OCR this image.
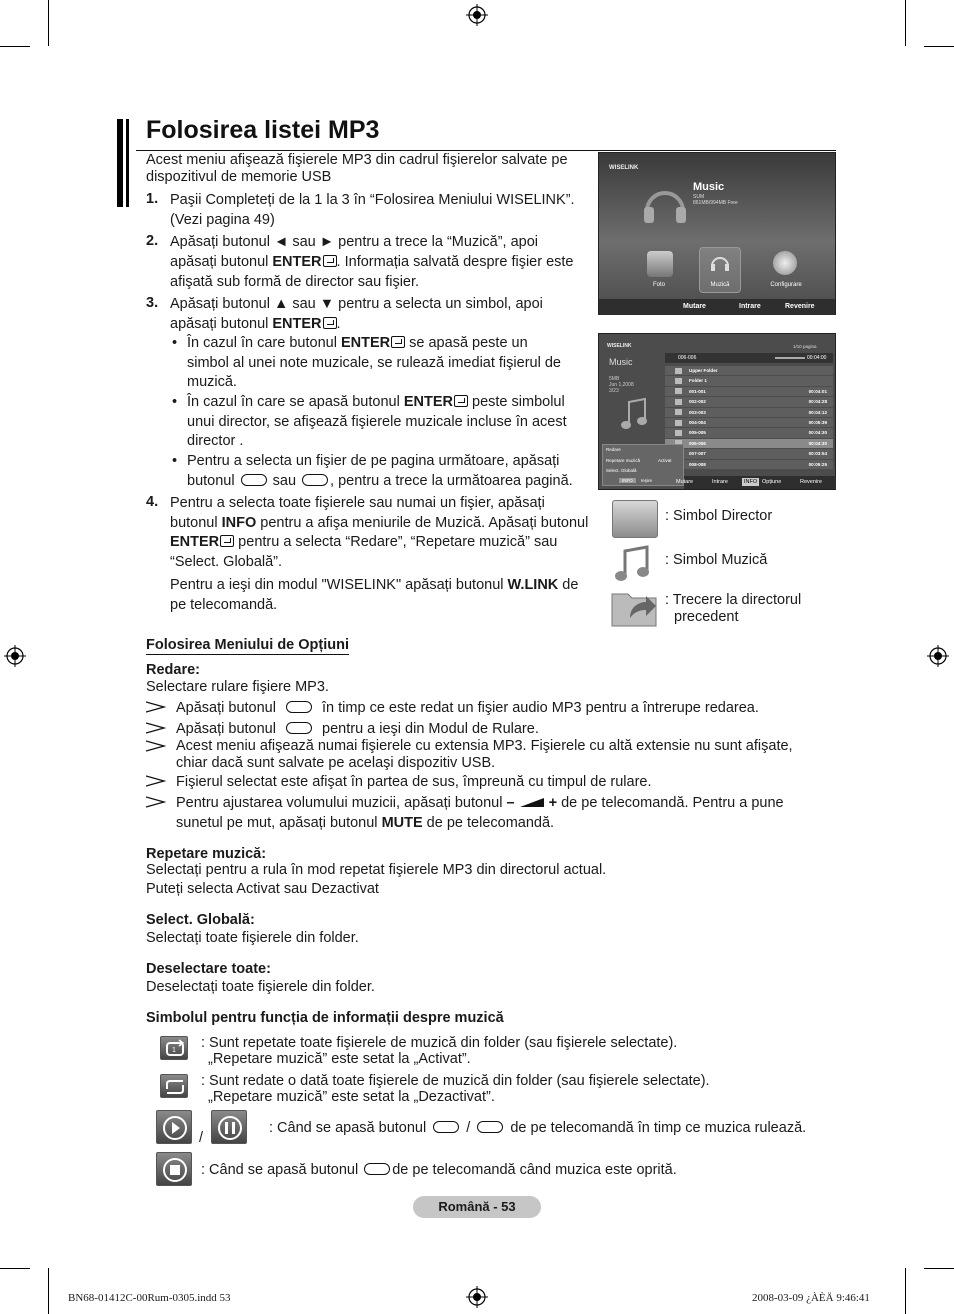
Folosirea listei MP3
Acest meniu afişează fişierele MP3 din cadrul fişierelor salvate pe dispozitivul de memorie USB
1. Paşii Completeți de la 1 la 3 în “Folosirea Meniului WISELINK”.
(Vezi pagina 49)
2. Apăsați butonul ◄ sau ► pentru a trece la “Muzică”, apoi
apăsați butonul ENTER . Informația salvată despre fişier este
afişată sub formă de director sau fişier.
3. Apăsați butonul ▲ sau ▼ pentru a selecta un simbol, apoi
apăsați butonul ENTER .
• În cazul în care butonul ENTER se apasă peste un
simbol al unei note muzicale, se rulează imediat fişierul de
muzică.
• În cazul în care se apasă butonul ENTER peste simbolul
unui director, se afişează fişierele muzicale incluse în acest
director .
• Pentru a selecta un fişier de pe pagina următoare, apăsați
butonul  sau , pentru a trece la următoarea pagină.
4. Pentru a selecta toate fişierele sau numai un fişier, apăsați
butonul INFO pentru a afişa meniurile de Muzică. Apăsați butonul
ENTER pentru a selecta “Redare”, “Repetare muzică” sau
“Select. Globală”.
Pentru a ieşi din modul "WISELINK" apăsați butonul W.LINK de
pe telecomandă.
WISELINK
Music
SUM
861MB/994MB Free
Foto	Muzică	Configurare
Mutare	Intrare	Revenire
WISELINK	1/10 pagina
Music
5MB
Jun 1,2008
3/23
006-006	00:04:00
Upper Folder
Folder 1
001-001	00:04:01
002-002	00:04:28
003-003	00:04:12
004-004	00:05:39
005-005	00:04:30
006-006	00:04:30
007-007	00:03:54
008-008	00:05:25
Redare
Repetare muzică	Activat
Select. Globală
INFO	Ieşire	Mutare	Intrare	INFO Opțiune	Revenire
: Simbol Director
: Simbol Muzică
: Trecere la directorul
precedent
Folosirea Meniului de Opțiuni
Redare:
Selectare rulare fişiere MP3.
Apăsați butonul	în timp ce este redat un fişier audio MP3 pentru a întrerupe redarea.
Apăsați butonul	pentru a ieşi din Modul de Rulare.
Acest meniu afişează numai fişierele cu extensia MP3. Fişierele cu altă extensie nu sunt afişate,
chiar dacă sunt salvate pe acelaşi dispozitiv USB.
Fişierul selectat este afişat în partea de sus, împreună cu timpul de rulare.
Pentru ajustarea volumului muzicii, apăsați butonul – + de pe telecomandă. Pentru a pune
sunetul pe mut, apăsați butonul MUTE de pe telecomandă.
Repetare muzică:
Selectați pentru a rula în mod repetat fişierele MP3 din directorul actual.
Puteți selecta Activat sau Dezactivat
Select. Globală:
Selectați toate fişierele din folder.
Deselectare toate:
Deselectați toate fişierele din folder.
Simbolul pentru funcția de informații despre muzică
1 : Sunt repetate toate fişierele de muzică din folder (sau fişierele selectate).
„Repetare muzică” este setat la „Activat”.
: Sunt redate o dată toate fişierele de muzică din folder (sau fişierele selectate).
„Repetare muzică” este setat la „Dezactivat”.
/
: Când se apasă butonul  /  de pe telecomandă în timp ce muzica rulează.
: Când se apasă butonul de pe telecomandă când muzica este oprită.
Română - 53
BN68-01412C-00Rum-0305.indd 53	2008-03-09 ¿ÀÈÄ 9:46:41
